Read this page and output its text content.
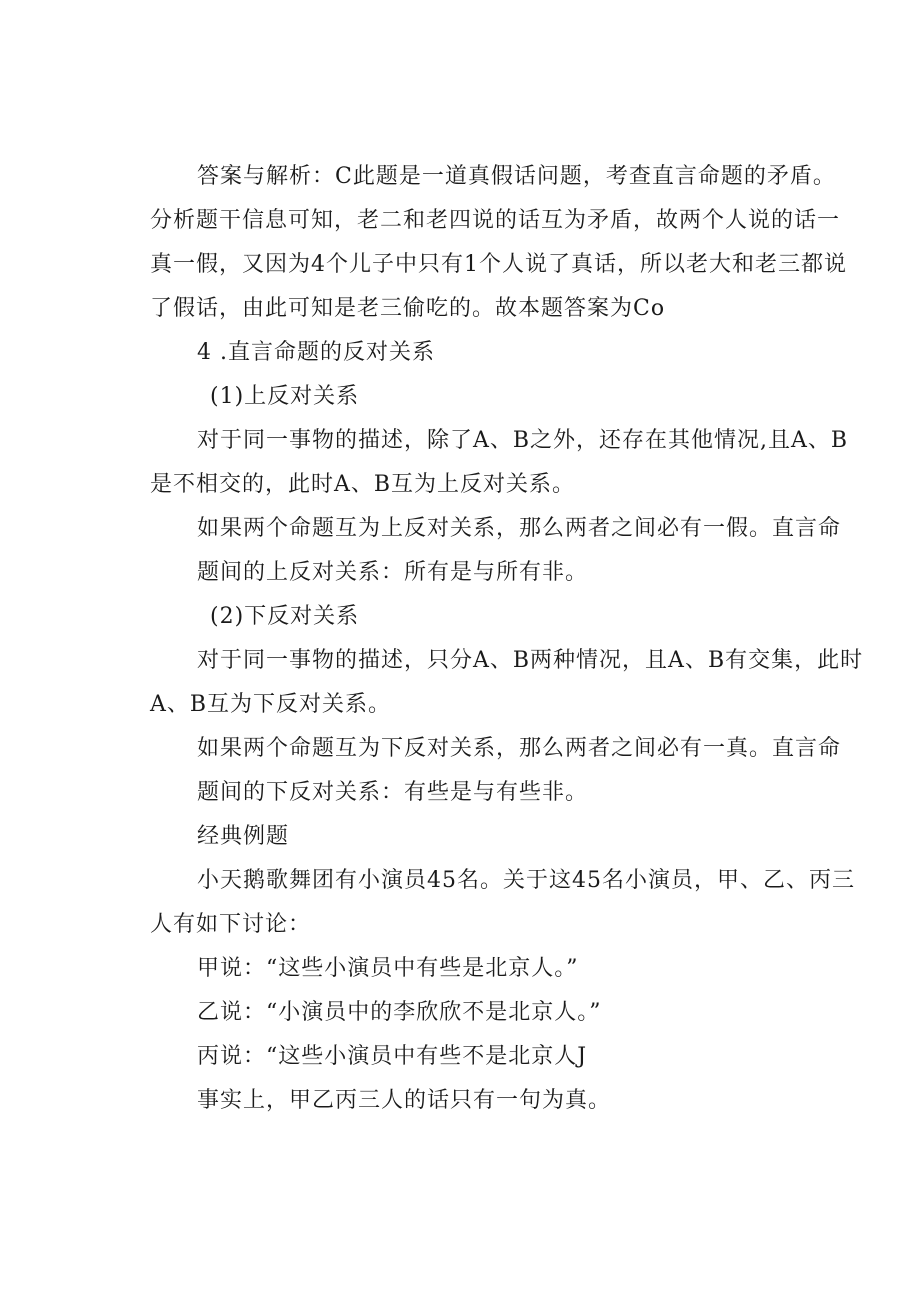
答案与解析：C此题是一道真假话问题，考查直言命题的矛盾。
分析题干信息可知，老二和老四说的话互为矛盾，故两个人说的话一
真一假，又因为4个儿子中只有1个人说了真话，所以老大和老三都说
了假话，由此可知是老三偷吃的。故本题答案为Co
4 .直言命题的反对关系
(1)上反对关系
对于同一事物的描述，除了A、B之外，还存在其他情况,且A、B
是不相交的，此时A、B互为上反对关系。
如果两个命题互为上反对关系，那么两者之间必有一假。直言命
题间的上反对关系：所有是与所有非。
(2)下反对关系
对于同一事物的描述，只分A、B两种情况，且A、B有交集，此时
A、B互为下反对关系。
如果两个命题互为下反对关系，那么两者之间必有一真。直言命
题间的下反对关系：有些是与有些非。
经典例题
小天鹅歌舞团有小演员45名。关于这45名小演员，甲、乙、丙三
人有如下讨论：
甲说：“这些小演员中有些是北京人。”
乙说：“小演员中的李欣欣不是北京人。”
丙说：“这些小演员中有些不是北京人J
事实上，甲乙丙三人的话只有一句为真。
